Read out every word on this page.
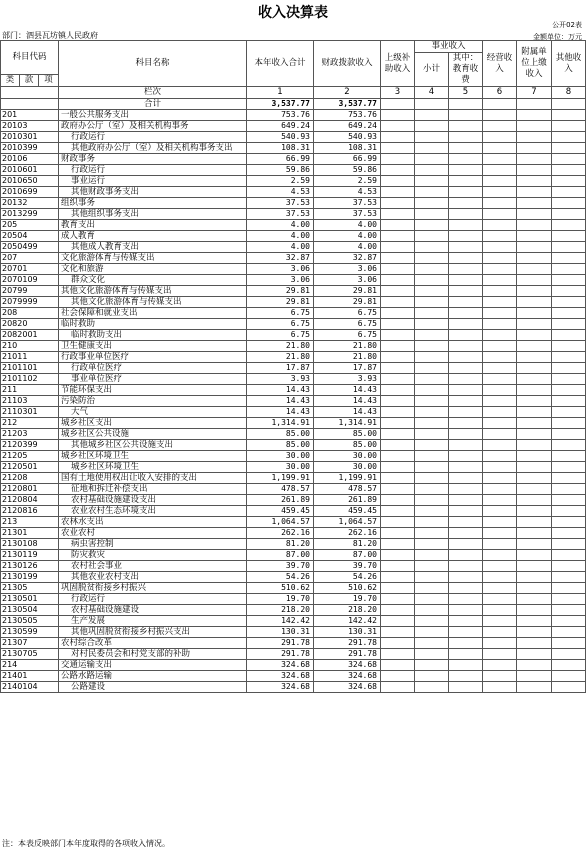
收入决算表
公开02表
部门：泗县瓦坊镇人民政府	金额单位：万元
科目代码			科目名称	本年收入合计	财政拨款收入	上级补助收入	事业收入		经营收入	附属单位上缴收入	其他收入
							小计	其中：教育收费			

类	款	项									
			栏次	1	2	3	4	5	6	7	8
			合计	3,537.77	3,537.77						
201			一般公共服务支出	753.76	753.76						
20103			政府办公厅（室）及相关机构事务	649.24	649.24						
2010301			行政运行	540.93	540.93						
2010399			其他政府办公厅（室）及相关机构事务支出	108.31	108.31						
20106			财政事务	66.99	66.99						
2010601			行政运行	59.86	59.86						
2010650			事业运行	2.59	2.59						
2010699			其他财政事务支出	4.53	4.53						
20132			组织事务	37.53	37.53						
2013299			其他组织事务支出	37.53	37.53						
205			教育支出	4.00	4.00						
20504			成人教育	4.00	4.00						
2050499			其他成人教育支出	4.00	4.00						
207			文化旅游体育与传媒支出	32.87	32.87						
20701			文化和旅游	3.06	3.06						
2070109			群众文化	3.06	3.06						
20799			其他文化旅游体育与传媒支出	29.81	29.81						
2079999			其他文化旅游体育与传媒支出	29.81	29.81						
208			社会保障和就业支出	6.75	6.75						
20820			临时救助	6.75	6.75						
2082001			临时救助支出	6.75	6.75						
210			卫生健康支出	21.80	21.80						
21011			行政事业单位医疗	21.80	21.80						
2101101			行政单位医疗	17.87	17.87						
2101102			事业单位医疗	3.93	3.93						
211			节能环保支出	14.43	14.43						
21103			污染防治	14.43	14.43						
2110301			大气	14.43	14.43						
212			城乡社区支出	1,314.91	1,314.91						
21203			城乡社区公共设施	85.00	85.00						
2120399			其他城乡社区公共设施支出	85.00	85.00						
21205			城乡社区环境卫生	30.00	30.00						
2120501			城乡社区环境卫生	30.00	30.00						
21208			国有土地使用权出让收入安排的支出	1,199.91	1,199.91						
2120801			征地和拆迁补偿支出	478.57	478.57						
2120804			农村基础设施建设支出	261.89	261.89						
2120816			农业农村生态环境支出	459.45	459.45						
213			农林水支出	1,064.57	1,064.57						
21301			农业农村	262.16	262.16						
2130108			病虫害控制	81.20	81.20						
2130119			防灾救灾	87.00	87.00						
2130126			农村社会事业	39.70	39.70						
2130199			其他农业农村支出	54.26	54.26						
21305			巩固脱贫衔接乡村振兴	510.62	510.62						
2130501			行政运行	19.70	19.70						
2130504			农村基础设施建设	218.20	218.20						
2130505			生产发展	142.42	142.42						
2130599			其他巩固脱贫衔接乡村振兴支出	130.31	130.31						
21307			农村综合改革	291.78	291.78						
2130705			对村民委员会和村党支部的补助	291.78	291.78						
214			交通运输支出	324.68	324.68						
21401			公路水路运输	324.68	324.68						
2140104			公路建设	324.68	324.68						
注：本表反映部门本年度取得的各项收入情况。
